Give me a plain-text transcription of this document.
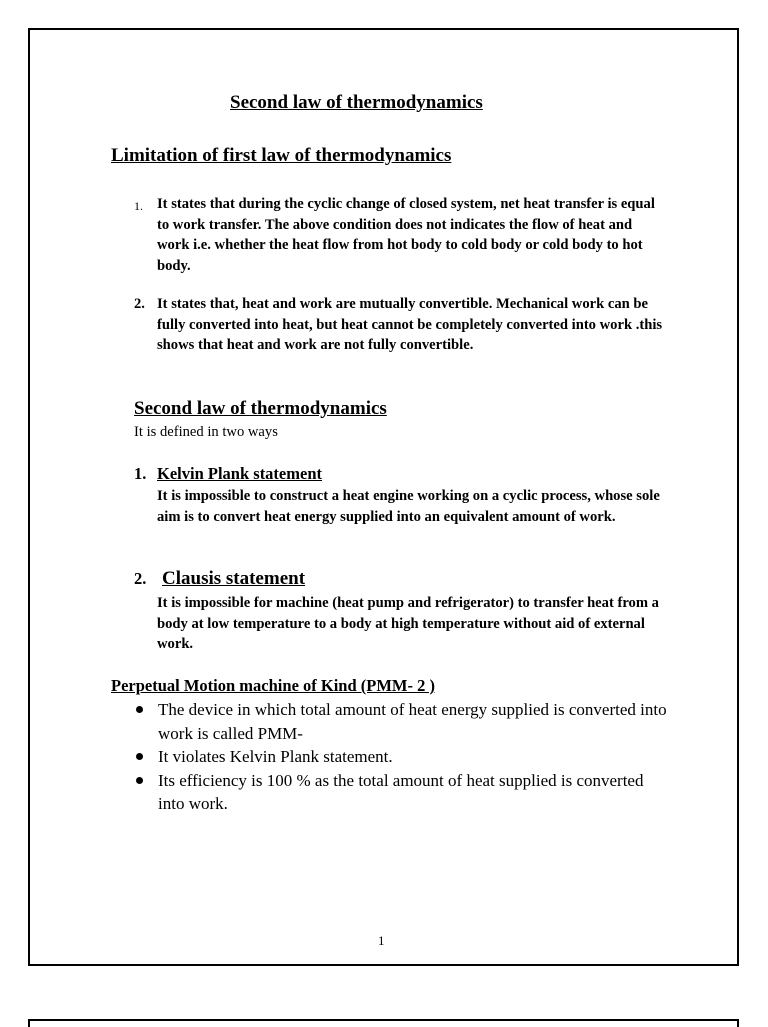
Second law of thermodynamics

Limitation of first law of thermodynamics

1. It states that during the cyclic change of closed system, net heat transfer is equal to work transfer. The above condition does not indicates the flow of heat and work i.e. whether the heat flow from hot body to cold body or cold body to hot body.
2. It states that, heat and work are mutually convertible. Mechanical work can be fully converted into heat, but heat cannot be completely converted into work .this shows that heat and work are not fully convertible.

Second law of thermodynamics

It is defined in two ways

1. Kelvin Plank statement
It is impossible to construct a heat engine working on a cyclic process, whose sole aim is to convert heat energy supplied into an equivalent amount of work.
2. Clausis statement
It is impossible for machine (heat pump and refrigerator) to transfer heat from a body at low temperature to a body at high temperature without aid of external work.

Perpetual Motion machine of Kind (PMM- 2 )

The device in which total amount of heat energy supplied is converted into work is called PMM-
It violates Kelvin Plank statement.
Its efficiency is 100 % as the total amount of heat supplied is converted into work.

1
